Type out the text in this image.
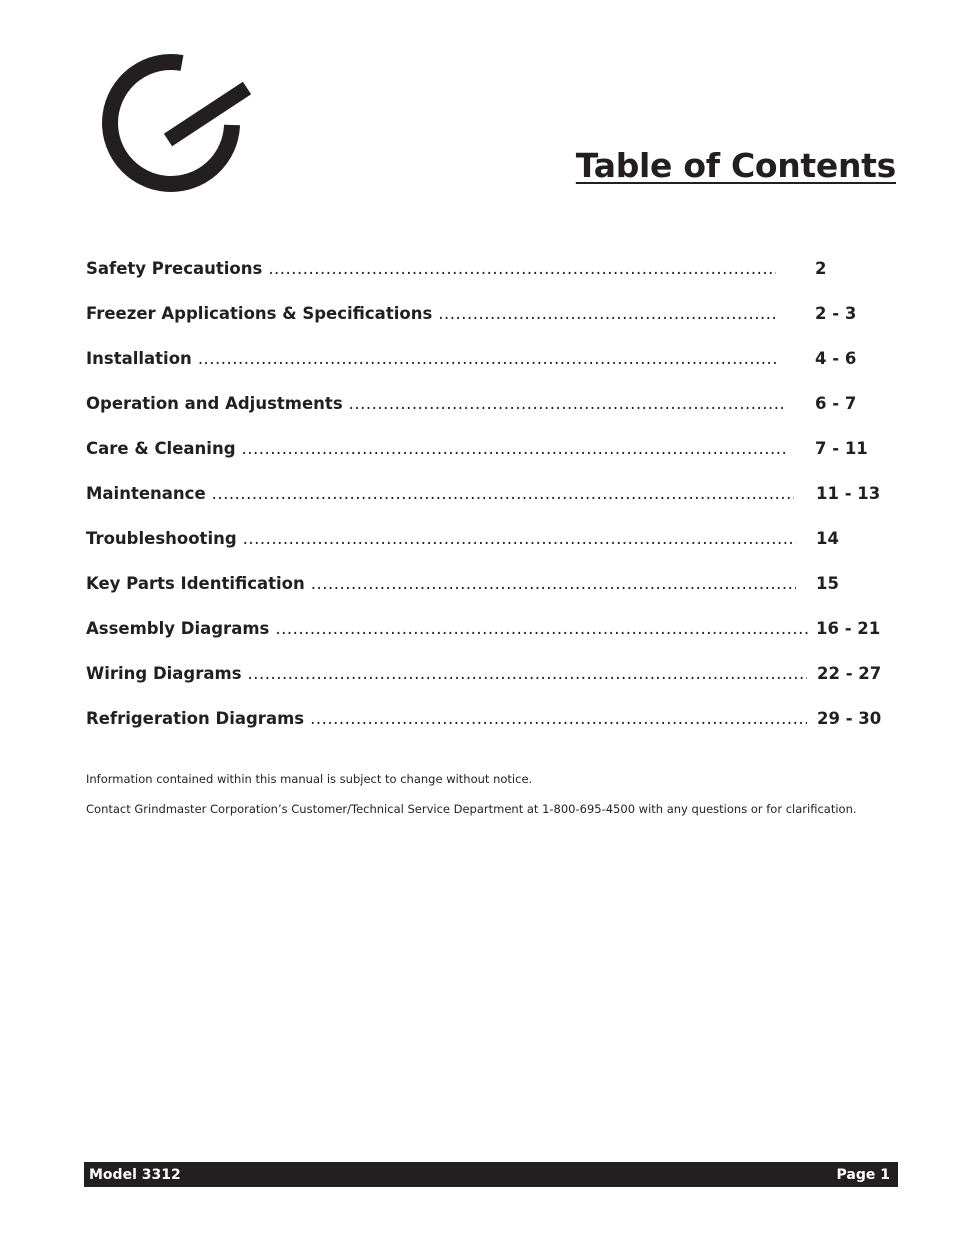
Table of Contents
Safety Precautions .....	2
Freezer Applications & Specifications .....	2 - 3
Installation .....	4 - 6
Operation and Adjustments .....	6 - 7
Care & Cleaning .....	7 - 11
Maintenance .....	11 - 13
Troubleshooting .....	14
Key Parts Identification .....	15
Assembly Diagrams .....	16 - 21
Wiring Diagrams .....	22 - 27
Refrigeration Diagrams .....	29 - 30

Information contained within this manual is subject to change without notice.

Contact Grindmaster Corporation’s Customer/Technical Service Department at 1-800-695-4500 with any questions or for clarification.

Model 3312	Page 1
